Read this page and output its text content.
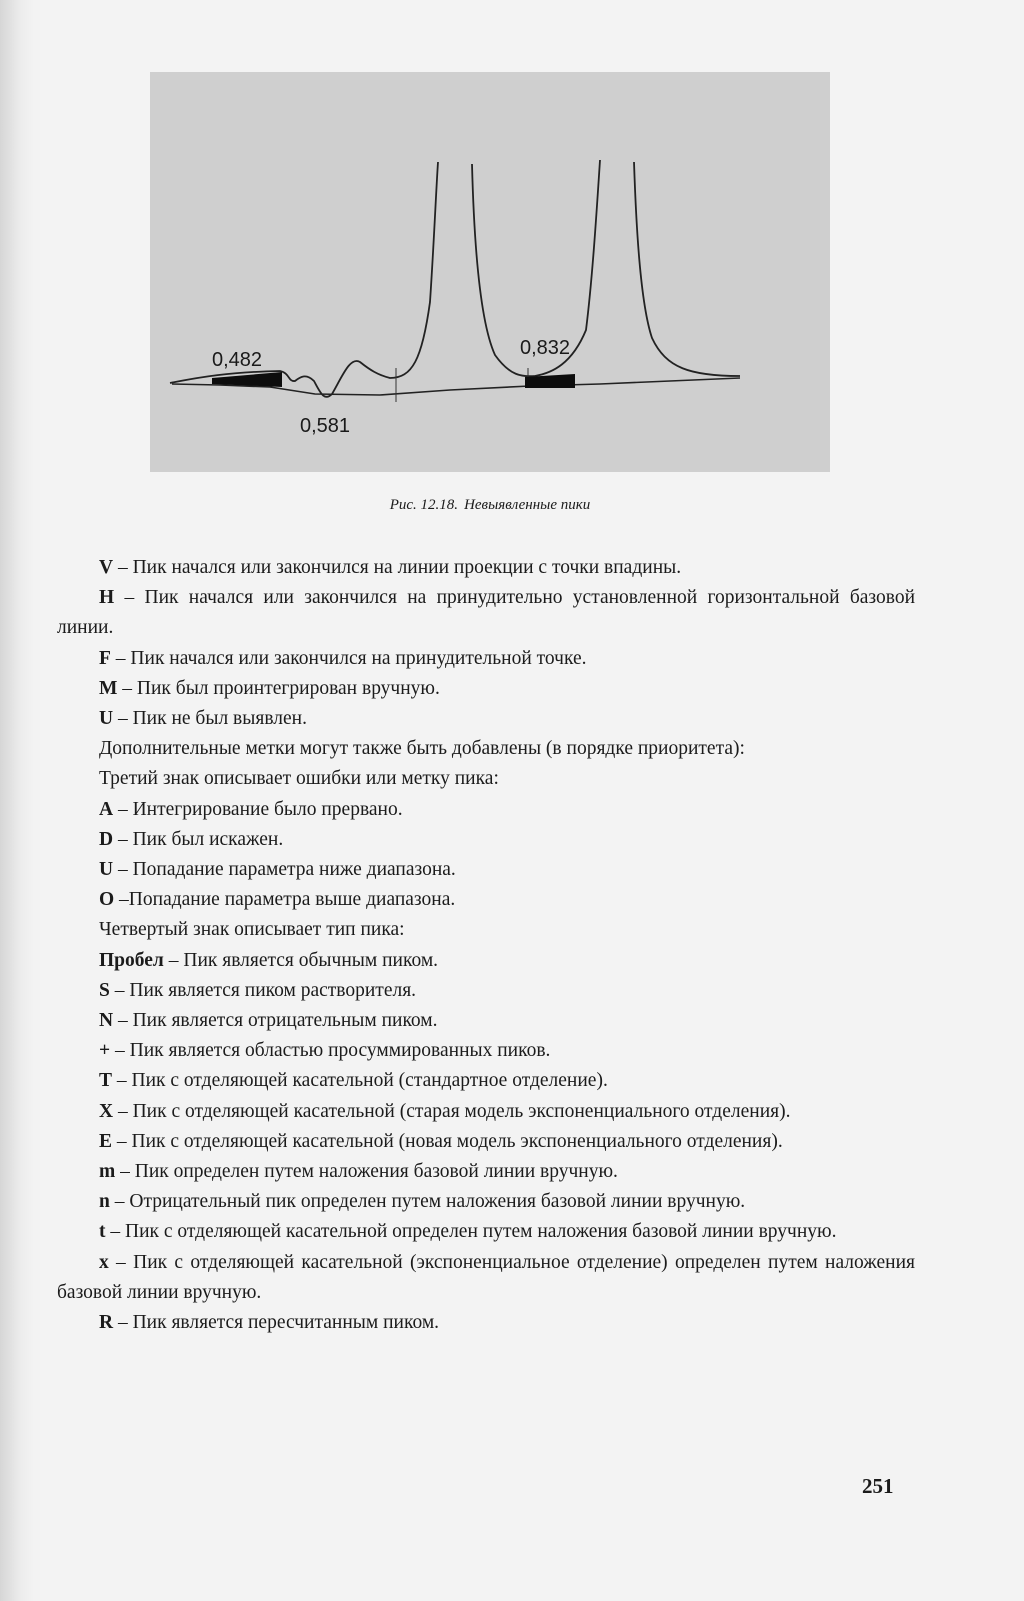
0,482
0,581
0,832
Рис. 12.18. Невыявленные пики

V – Пик начался или закончился на линии проекции с точки впадины.

H – Пик начался или закончился на принудительно установленной горизонтальной базовой линии.

F – Пик начался или закончился на принудительной точке.

M – Пик был проинтегрирован вручную.

U – Пик не был выявлен.

Дополнительные метки могут также быть добавлены (в порядке приоритета):

Третий знак описывает ошибки или метку пика:

A – Интегрирование было прервано.

D – Пик был искажен.

U – Попадание параметра ниже диапазона.

O –Попадание параметра выше диапазона.

Четвертый знак описывает тип пика:

Пробел – Пик является обычным пиком.

S – Пик является пиком растворителя.

N – Пик является отрицательным пиком.

+ – Пик является областью просуммированных пиков.

T – Пик с отделяющей касательной (стандартное отделение).

X – Пик с отделяющей касательной (старая модель экспоненциального отделения).

E – Пик с отделяющей касательной (новая модель экспоненциального отделения).

m – Пик определен путем наложения базовой линии вручную.

n – Отрицательный пик определен путем наложения базовой линии вручную.

t – Пик с отделяющей касательной определен путем наложения базовой линии вручную.

x – Пик с отделяющей касательной (экспоненциальное отделение) определен путем наложения базовой линии вручную.

R – Пик является пересчитанным пиком.

251
